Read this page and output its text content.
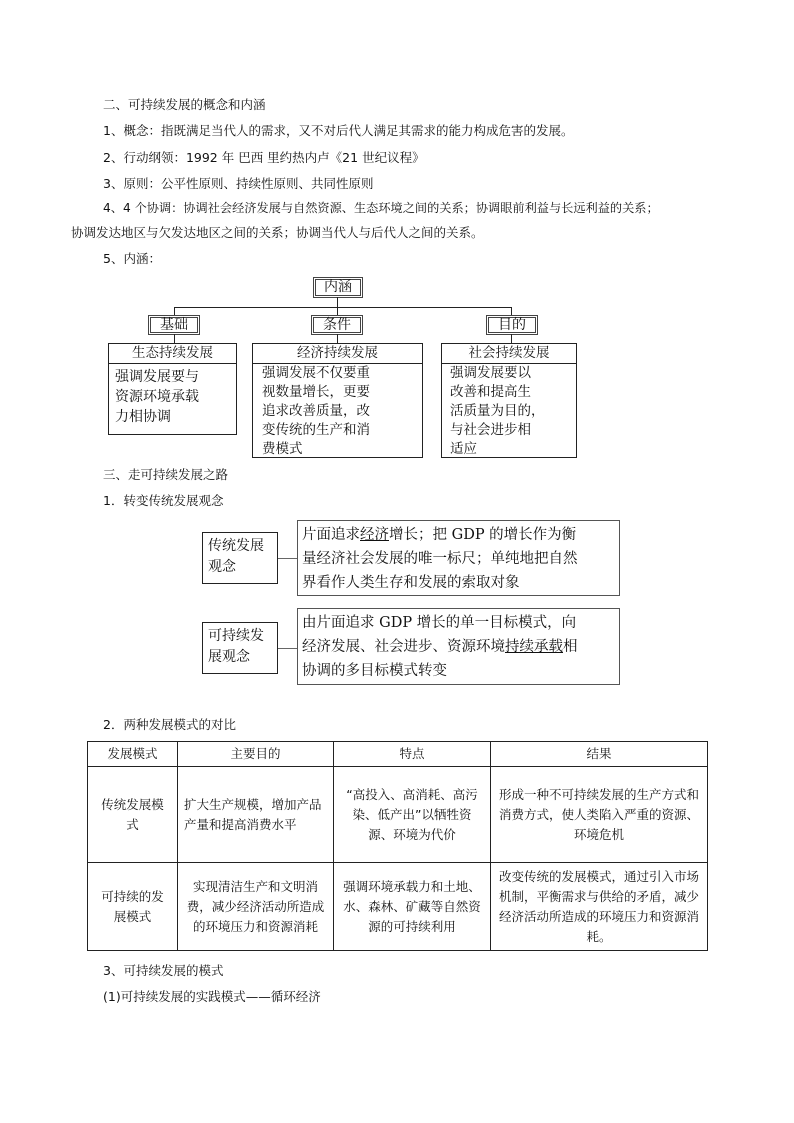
二、可持续发展的概念和内涵
1、概念：指既满足当代人的需求，又不对后代人满足其需求的能力构成危害的发展。
2、行动纲领：1992 年 巴西 里约热内卢《21 世纪议程》
3、原则：公平性原则、持续性原则、共同性原则
4、4 个协调：协调社会经济发展与自然资源、生态环境之间的关系；协调眼前利益与长远利益的关系；
协调发达地区与欠发达地区之间的关系；协调当代人与后代人之间的关系。
5、内涵：
内涵
基础
生态持续发展
强调发展要与
资源环境承载
力相协调
条件
经济持续发展
强调发展不仅要重
视数量增长，更要
追求改善质量，改
变传统的生产和消
费模式
目的
社会持续发展
强调发展要以
改善和提高生
活质量为目的，
与社会进步相
适应
三、走可持续发展之路
1．转变传统发展观念
传统发展
观念
片面追求经济增长；把 GDP 的增长作为衡
量经济社会发展的唯一标尺；单纯地把自然
界看作人类生存和发展的索取对象
可持续发
展观念
由片面追求 GDP 增长的单一目标模式，向
经济发展、社会进步、资源环境持续承载相
协调的多目标模式转变
2．两种发展模式的对比
发展模式	主要目的	特点	结果
传统发展模式	扩大生产规模，增加产品产量和提高消费水平	“高投入、高消耗、高污染、低产出”以牺牲资源、环境为代价	形成一种不可持续发展的生产方式和消费方式，使人类陷入严重的资源、环境危机
可持续的发展模式	实现清洁生产和文明消费，减少经济活动所造成的环境压力和资源消耗	强调环境承载力和土地、水、森林、矿藏等自然资源的可持续利用	改变传统的发展模式，通过引入市场机制，平衡需求与供给的矛盾，减少经济活动所造成的环境压力和资源消耗。
3、可持续发展的模式
(1)可持续发展的实践模式——循环经济
